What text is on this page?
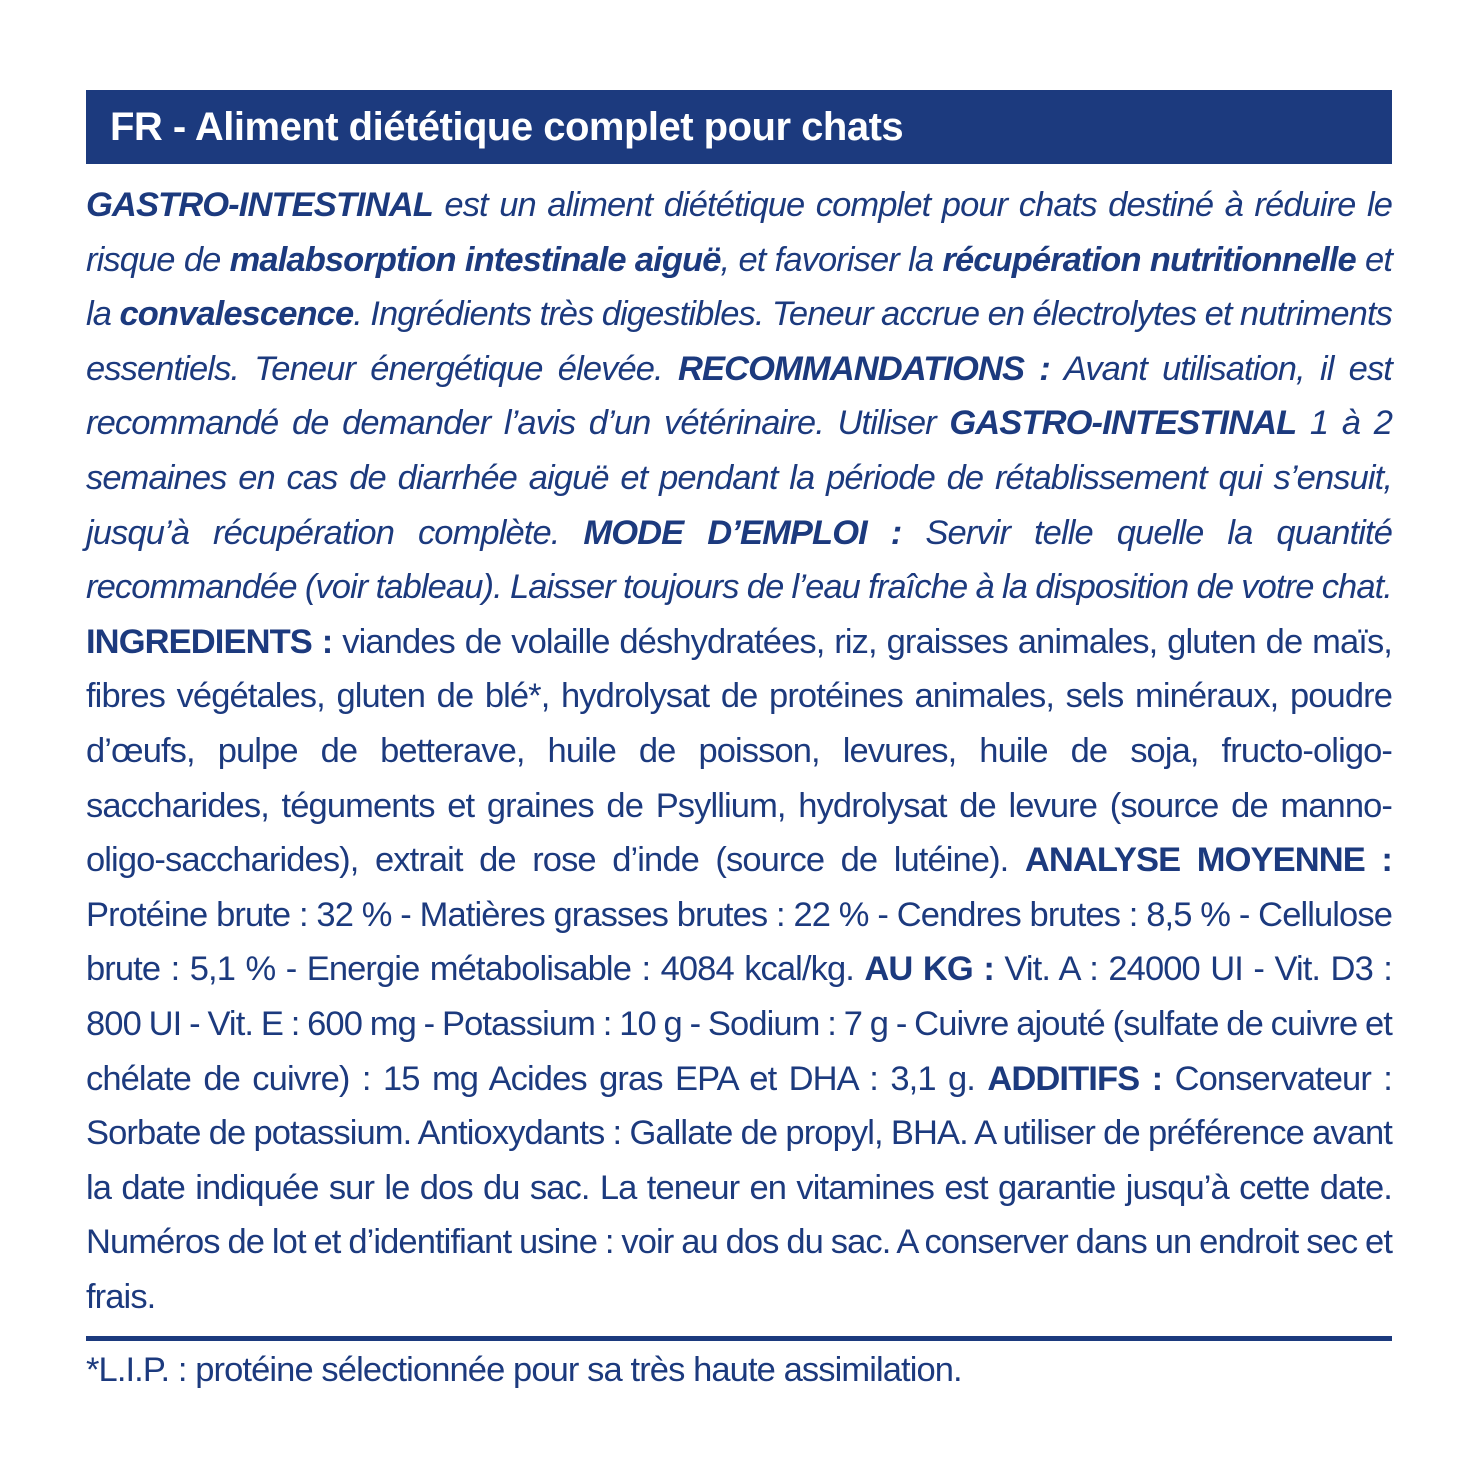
FR - Aliment diététique complet pour chats
GASTRO-INTESTINAL est un aliment diététique complet pour chats destiné à réduire le risque de malabsorption intestinale aiguë, et favoriser la récupération nutritionnelle et la convalescence. Ingrédients très digestibles. Teneur accrue en électrolytes et nutriments essentiels. Teneur énergétique élevée. RECOMMANDATIONS : Avant utilisation, il est recommandé de demander l’avis d’un vétérinaire. Utiliser GASTRO-INTESTINAL 1 à 2 semaines en cas de diarrhée aiguë et pendant la période de rétablissement qui s’ensuit, jusqu’à récupération complète. MODE D’EMPLOI : Servir telle quelle la quantité recommandée (voir tableau). Laisser toujours de l’eau fraîche à la disposition de votre chat. INGREDIENTS : viandes de volaille déshydratées, riz, graisses animales, gluten de maïs, fibres végétales, gluten de blé*, hydrolysat de protéines animales, sels minéraux, poudre d’œufs, pulpe de betterave, huile de poisson, levures, huile de soja, fructo-oligo-saccharides, téguments et graines de Psyllium, hydrolysat de levure (source de manno-oligo-saccharides), extrait de rose d’inde (source de lutéine). ANALYSE MOYENNE : Protéine brute : 32 % - Matières grasses brutes : 22 % - Cendres brutes : 8,5 % - Cellulose brute : 5,1 % - Energie métabolisable : 4084 kcal/kg. AU KG : Vit. A : 24000 UI - Vit. D3 : 800 UI - Vit. E : 600 mg - Potassium : 10 g - Sodium : 7 g - Cuivre ajouté (sulfate de cuivre et chélate de cuivre) : 15 mg Acides gras EPA et DHA : 3,1 g. ADDITIFS : Conservateur : Sorbate de potassium. Antioxydants : Gallate de propyl, BHA. A utiliser de préférence avant la date indiquée sur le dos du sac. La teneur en vitamines est garantie jusqu’à cette date. Numéros de lot et d’identifiant usine : voir au dos du sac. A conserver dans un endroit sec et frais.
*L.I.P. : protéine sélectionnée pour sa très haute assimilation.
